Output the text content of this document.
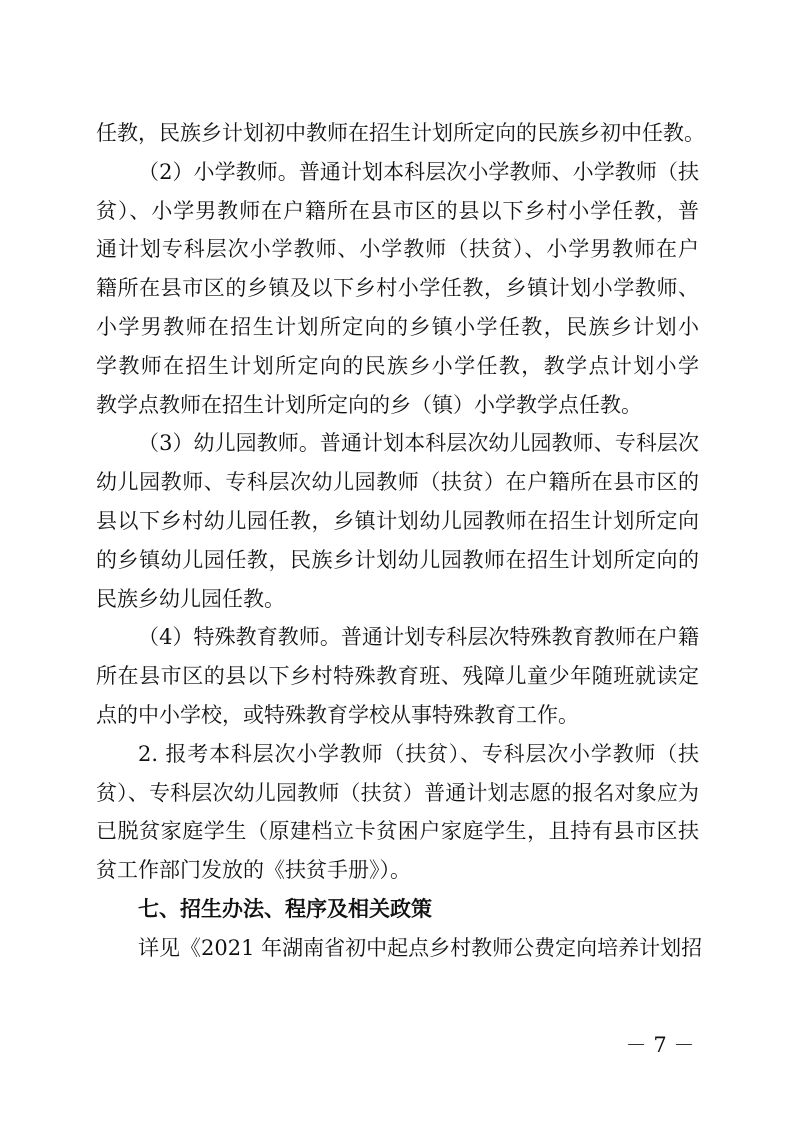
任教，民族乡计划初中教师在招生计划所定向的民族乡初中任教。
（2）小学教师。普通计划本科层次小学教师、小学教师（扶
贫）、小学男教师在户籍所在县市区的县以下乡村小学任教，普
通计划专科层次小学教师、小学教师（扶贫）、小学男教师在户
籍所在县市区的乡镇及以下乡村小学任教，乡镇计划小学教师、
小学男教师在招生计划所定向的乡镇小学任教，民族乡计划小
学教师在招生计划所定向的民族乡小学任教，教学点计划小学
教学点教师在招生计划所定向的乡（镇）小学教学点任教。
（3）幼儿园教师。普通计划本科层次幼儿园教师、专科层次
幼儿园教师、专科层次幼儿园教师（扶贫）在户籍所在县市区的
县以下乡村幼儿园任教，乡镇计划幼儿园教师在招生计划所定向
的乡镇幼儿园任教，民族乡计划幼儿园教师在招生计划所定向的
民族乡幼儿园任教。
（4）特殊教育教师。普通计划专科层次特殊教育教师在户籍
所在县市区的县以下乡村特殊教育班、残障儿童少年随班就读定
点的中小学校，或特殊教育学校从事特殊教育工作。
2. 报考本科层次小学教师（扶贫）、专科层次小学教师（扶
贫）、专科层次幼儿园教师（扶贫）普通计划志愿的报名对象应为
已脱贫家庭学生（原建档立卡贫困户家庭学生，且持有县市区扶
贫工作部门发放的《扶贫手册》）。
七、招生办法、程序及相关政策
详见《2021 年湖南省初中起点乡村教师公费定向培养计划招
－ 7 －
